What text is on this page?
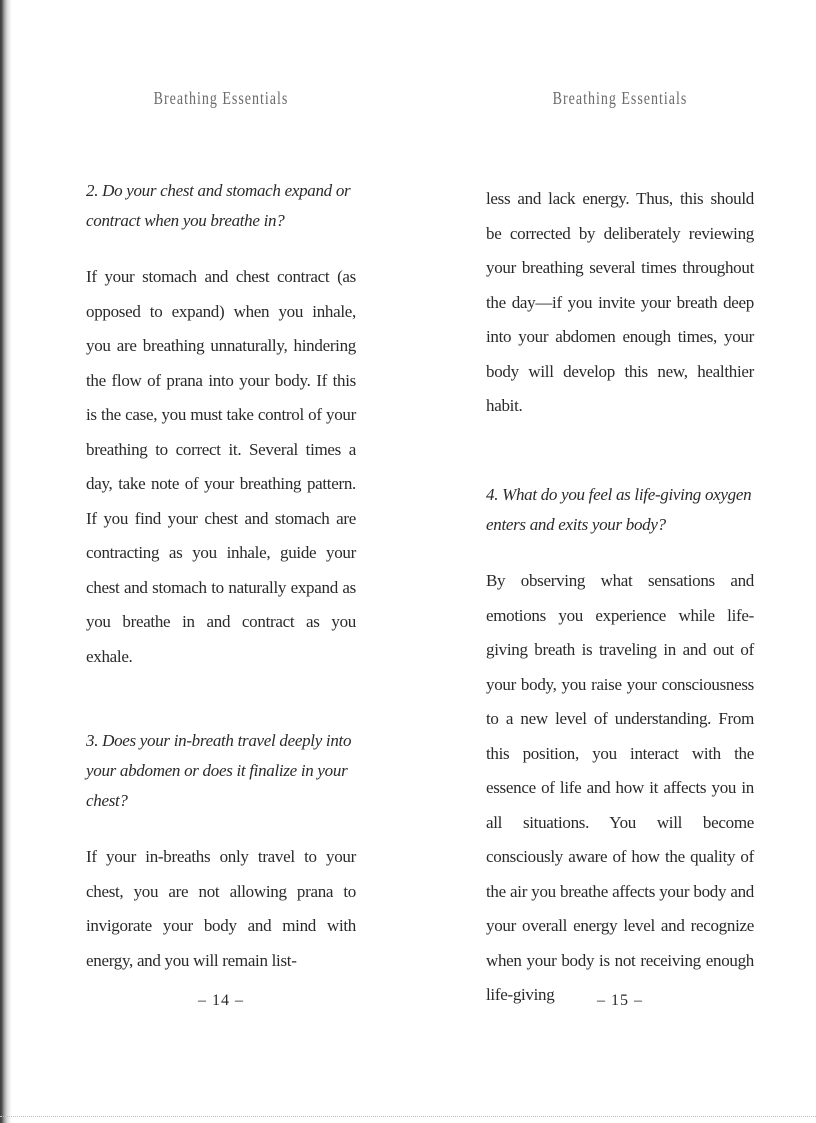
Breathing Essentials

2. Do your chest and stomach expand or contract when you breathe in?

If your stomach and chest contract (as opposed to expand) when you inhale, you are breathing unnaturally, hindering the flow of prana into your body. If this is the case, you must take control of your breathing to correct it. Several times a day, take note of your breathing pattern. If you find your chest and stomach are contracting as you inhale, guide your chest and stomach to naturally expand as you breathe in and contract as you exhale.

3. Does your in-breath travel deeply into your abdomen or does it finalize in your chest?

If your in-breaths only travel to your chest, you are not allowing prana to invigorate your body and mind with energy, and you will remain list-

– 14 –
Breathing Essentials

less and lack energy. Thus, this should be corrected by deliberately reviewing your breathing several times throughout the day—if you invite your breath deep into your abdomen enough times, your body will develop this new, healthier habit.

4. What do you feel as life-giving oxygen enters and exits your body?

By observing what sensations and emotions you experience while life-giving breath is traveling in and out of your body, you raise your consciousness to a new level of understanding. From this position, you interact with the essence of life and how it affects you in all situations. You will become consciously aware of how the quality of the air you breathe affects your body and your overall energy level and recognize when your body is not receiving enough life-giving	– 15 –
